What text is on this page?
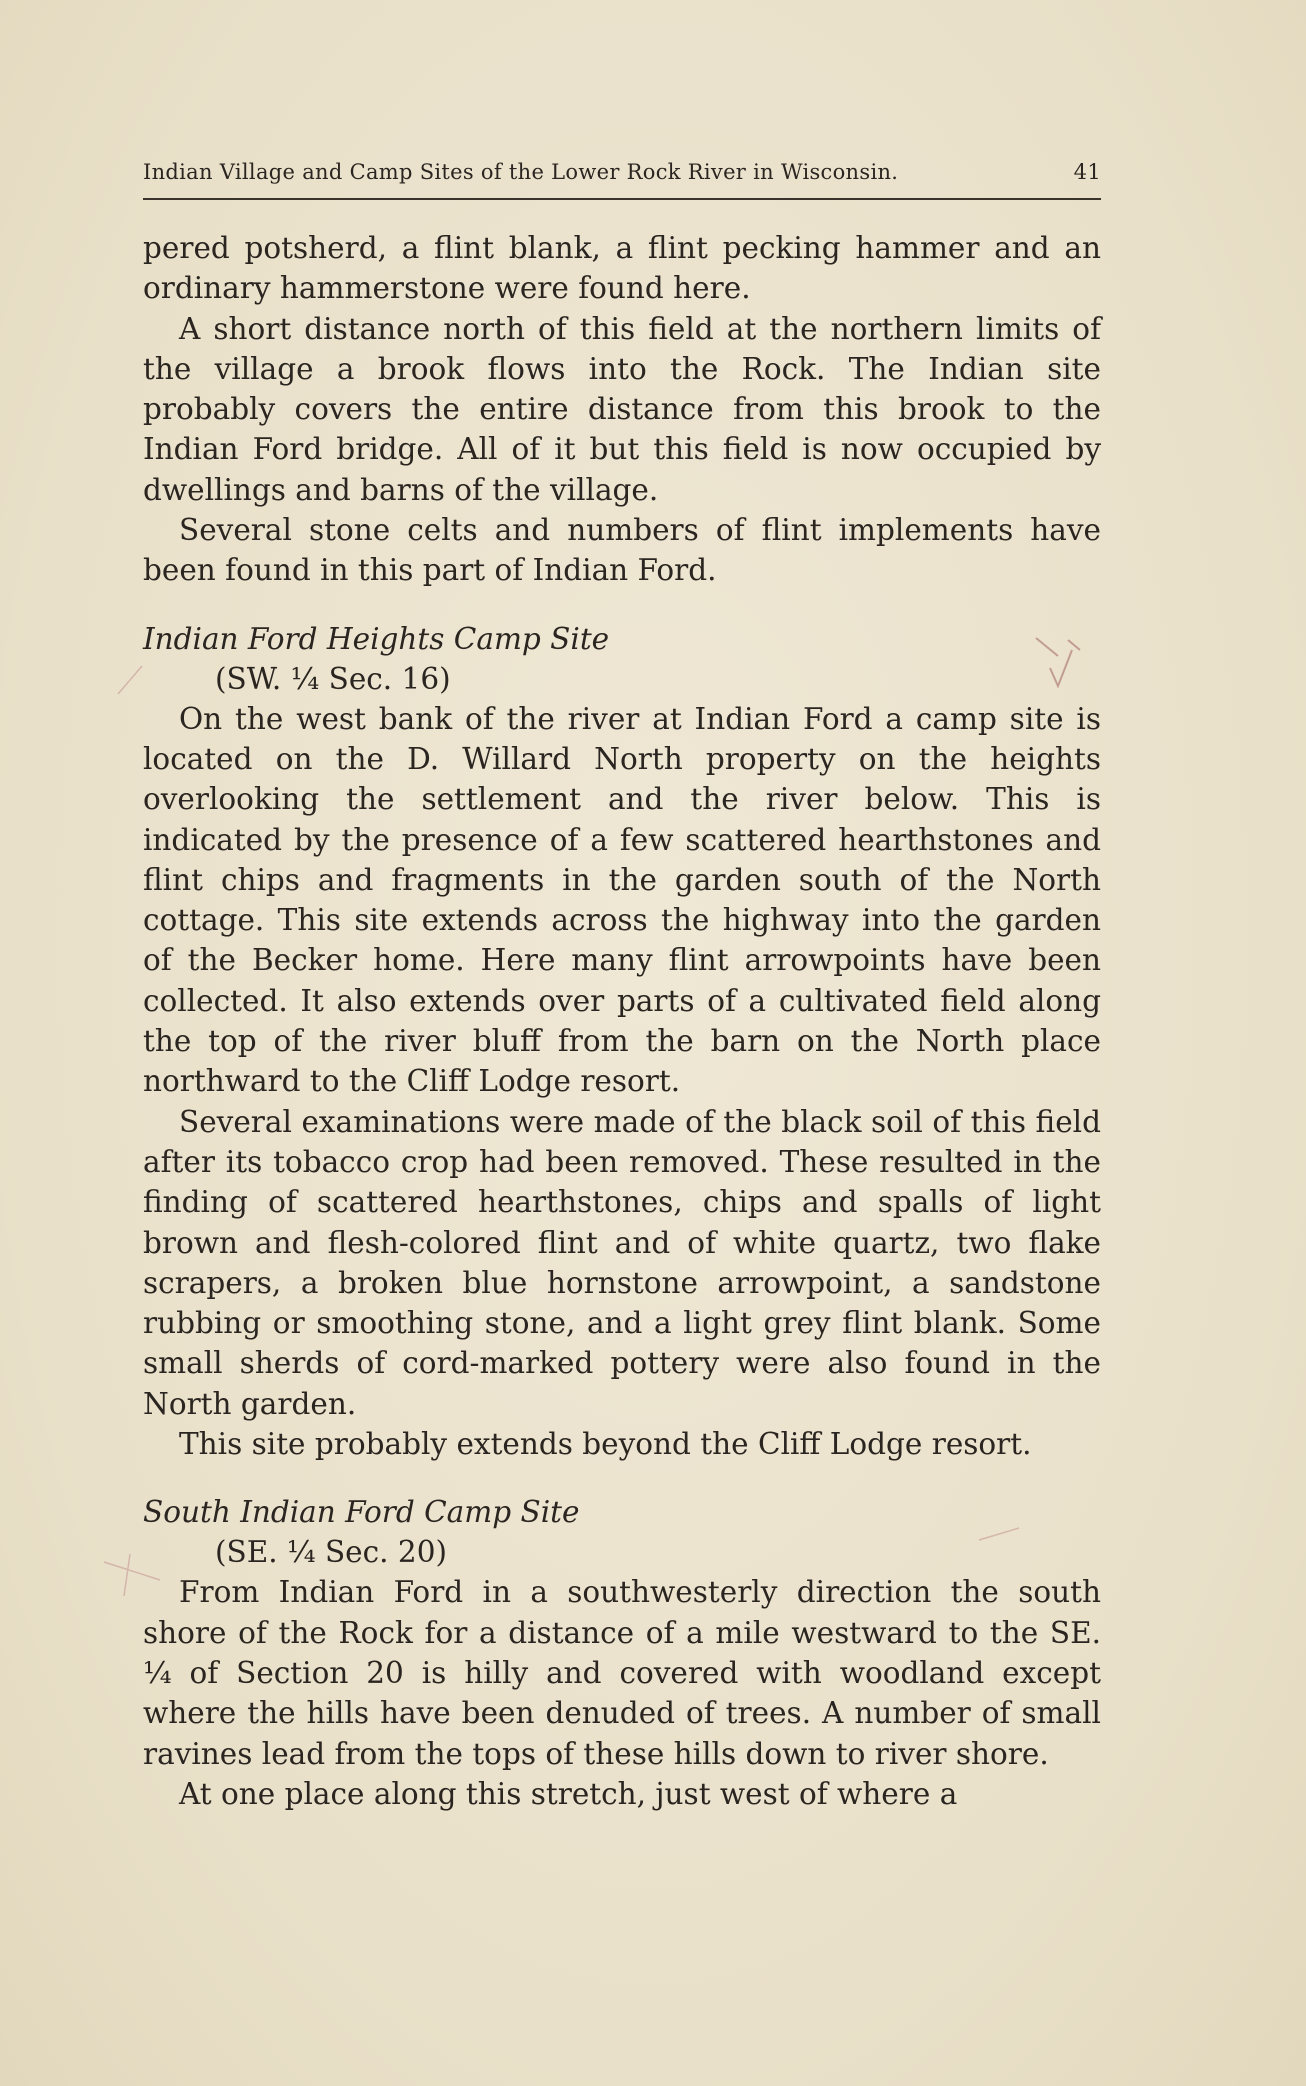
Indian Village and Camp Sites of the Lower Rock River in Wisconsin.	41

pered potsherd, a flint blank, a flint pecking hammer and an ordinary hammerstone were found here.

A short distance north of this field at the northern limits of the village a brook flows into the Rock. The Indian site probably covers the entire distance from this brook to the Indian Ford bridge. All of it but this field is now occupied by dwellings and barns of the village.

Several stone celts and numbers of flint implements have been found in this part of Indian Ford.

Indian Ford Heights Camp Site
(SW. ¼ Sec. 16)

On the west bank of the river at Indian Ford a camp site is located on the D. Willard North property on the heights overlooking the settlement and the river below. This is indicated by the presence of a few scattered hearthstones and flint chips and fragments in the garden south of the North cottage. This site extends across the highway into the garden of the Becker home. Here many flint arrowpoints have been collected. It also extends over parts of a cultivated field along the top of the river bluff from the barn on the North place northward to the Cliff Lodge resort.

Several examinations were made of the black soil of this field after its tobacco crop had been removed. These resulted in the finding of scattered hearthstones, chips and spalls of light brown and flesh-colored flint and of white quartz, two flake scrapers, a broken blue hornstone arrowpoint, a sandstone rubbing or smoothing stone, and a light grey flint blank. Some small sherds of cord-marked pottery were also found in the North garden.

This site probably extends beyond the Cliff Lodge resort.

South Indian Ford Camp Site
(SE. ¼ Sec. 20)

From Indian Ford in a southwesterly direction the south shore of the Rock for a distance of a mile westward to the SE. ¼ of Section 20 is hilly and covered with woodland except where the hills have been denuded of trees. A number of small ravines lead from the tops of these hills down to river shore.

At one place along this stretch, just west of where a
